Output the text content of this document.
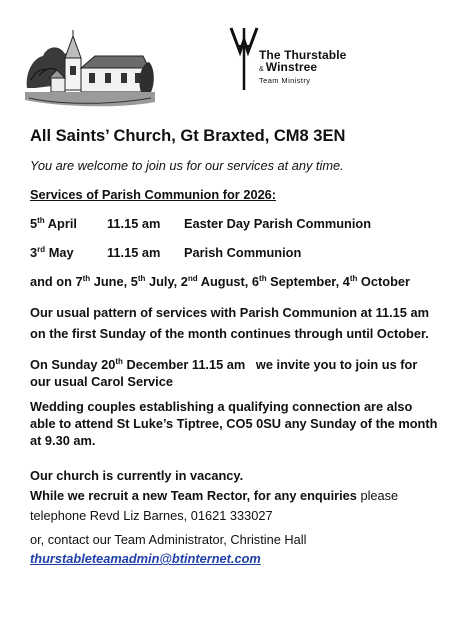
The Thurstable
& Winstree
Team Ministry
All Saints’ Church, Gt Braxted, CM8 3EN
You are welcome to join us for our services at any time.
Services of Parish Communion for 2026:
5th April	11.15 am	Easter Day Parish Communion
3rd May	11.15 am	Parish Communion
and on 7th June, 5th July, 2nd August, 6th September, 4th October
Our usual pattern of services with Parish Communion at 11.15 am on the first Sunday of the month continues through until October.
On Sunday 20th December 11.15 am   we invite you to join us for our usual Carol Service
Wedding couples establishing a qualifying connection are also able to attend St Luke’s Tiptree, CO5 0SU any Sunday of the month at 9.30 am.
Our church is currently in vacancy.
While we recruit a new Team Rector, for any enquiries please telephone Revd Liz Barnes, 01621 333027
or, contact our Team Administrator, Christine Hall
thurstableteamadmin@btinternet.com
